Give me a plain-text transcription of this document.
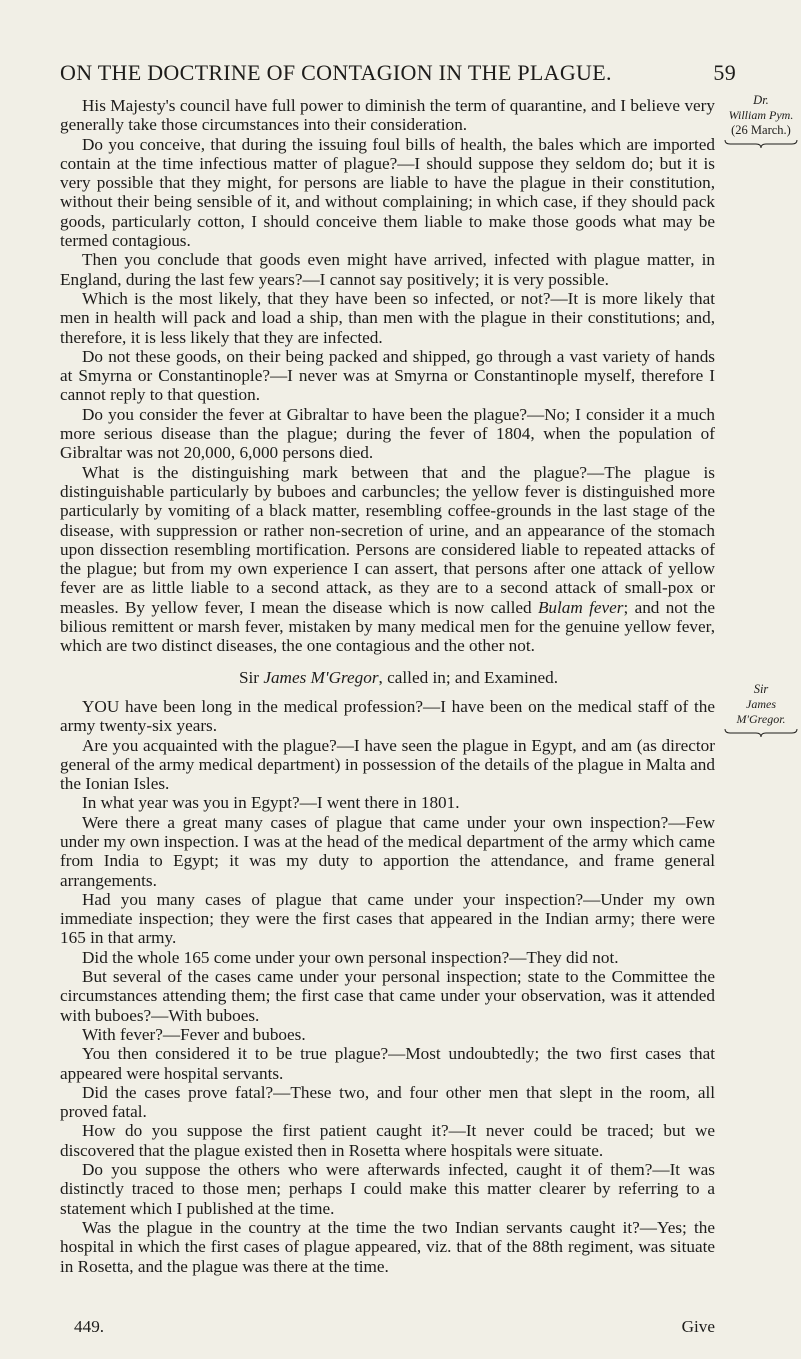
ON THE DOCTRINE OF CONTAGION IN THE PLAGUE.	59
Dr.
William Pym.
(26 March.)
Sir
James M'Gregor.

His Majesty's council have full power to diminish the term of quarantine, and I believe very generally take those circumstances into their consideration.

Do you conceive, that during the issuing foul bills of health, the bales which are imported contain at the time infectious matter of plague?—I should suppose they seldom do; but it is very possible that they might, for persons are liable to have the plague in their constitution, without their being sensible of it, and without complaining; in which case, if they should pack goods, particularly cotton, I should conceive them liable to make those goods what may be termed contagious.

Then you conclude that goods even might have arrived, infected with plague matter, in England, during the last few years?—I cannot say positively; it is very possible.

Which is the most likely, that they have been so infected, or not?—It is more likely that men in health will pack and load a ship, than men with the plague in their constitutions; and, therefore, it is less likely that they are infected.

Do not these goods, on their being packed and shipped, go through a vast variety of hands at Smyrna or Constantinople?—I never was at Smyrna or Constantinople myself, therefore I cannot reply to that question.

Do you consider the fever at Gibraltar to have been the plague?—No; I consider it a much more serious disease than the plague; during the fever of 1804, when the population of Gibraltar was not 20,000, 6,000 persons died.

What is the distinguishing mark between that and the plague?—The plague is distinguishable particularly by buboes and carbuncles; the yellow fever is distinguished more particularly by vomiting of a black matter, resembling coffee-grounds in the last stage of the disease, with suppression or rather non-secretion of urine, and an appearance of the stomach upon dissection resembling mortification. Persons are considered liable to repeated attacks of the plague; but from my own experience I can assert, that persons after one attack of yellow fever are as little liable to a second attack, as they are to a second attack of small-pox or measles. By yellow fever, I mean the disease which is now called Bulam fever; and not the bilious remittent or marsh fever, mistaken by many medical men for the genuine yellow fever, which are two distinct diseases, the one contagious and the other not.

Sir James M'Gregor, called in; and Examined.

YOU have been long in the medical profession?—I have been on the medical staff of the army twenty-six years.

Are you acquainted with the plague?—I have seen the plague in Egypt, and am (as director general of the army medical department) in possession of the details of the plague in Malta and the Ionian Isles.

In what year was you in Egypt?—I went there in 1801.

Were there a great many cases of plague that came under your own inspection?—Few under my own inspection. I was at the head of the medical department of the army which came from India to Egypt; it was my duty to apportion the attendance, and frame general arrangements.

Had you many cases of plague that came under your inspection?—Under my own immediate inspection; they were the first cases that appeared in the Indian army; there were 165 in that army.

Did the whole 165 come under your own personal inspection?—They did not.

But several of the cases came under your personal inspection; state to the Committee the circumstances attending them; the first case that came under your observation, was it attended with buboes?—With buboes.

With fever?—Fever and buboes.

You then considered it to be true plague?—Most undoubtedly; the two first cases that appeared were hospital servants.

Did the cases prove fatal?—These two, and four other men that slept in the room, all proved fatal.

How do you suppose the first patient caught it?—It never could be traced; but we discovered that the plague existed then in Rosetta where hospitals were situate.

Do you suppose the others who were afterwards infected, caught it of them?—It was distinctly traced to those men; perhaps I could make this matter clearer by referring to a statement which I published at the time.

Was the plague in the country at the time the two Indian servants caught it?—Yes; the hospital in which the first cases of plague appeared, viz. that of the 88th regiment, was situate in Rosetta, and the plague was there at the time.

449.	Give
